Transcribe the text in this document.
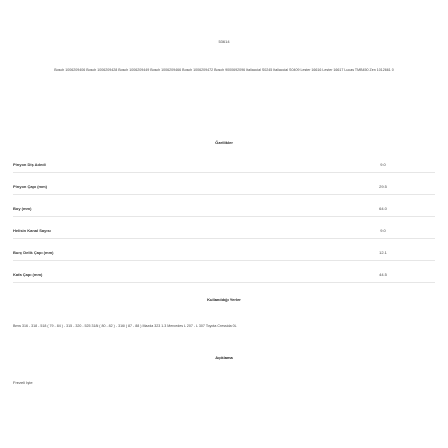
53614
Bosch 1006209406 Bosch 1006209428 Bosch 1006209449 Bosch 1006209466 Bosch 1006209472 Bosch 9000692096 Italiaccial S0245 Italiaccial S0409 Lester 16616 Lester 16617 Lucas TMB450 Zen 1012661 0
Özellikler
Pinyon Diş Adedi	9.0
Pinyon Çapı (mm)	29.5
Boy (mm)	64.0
Helisin Kanal Sayısı	9.0
Burç Delik Çapı (mm)	12.1
Kafa Çapı (mm)	44.5
Kullanıldığı Yerler
Bmw 316 - 318 - 518 ( 79 - 84 ) - 315 - 320 - 525 318i ( 80 - 82 ) - 316i ( 87 - 88 ) Mazda 323 1.3 Mercedes L 207 - L 307 Toyota Cressida 0L
Açıklama
Frezeli Işte
